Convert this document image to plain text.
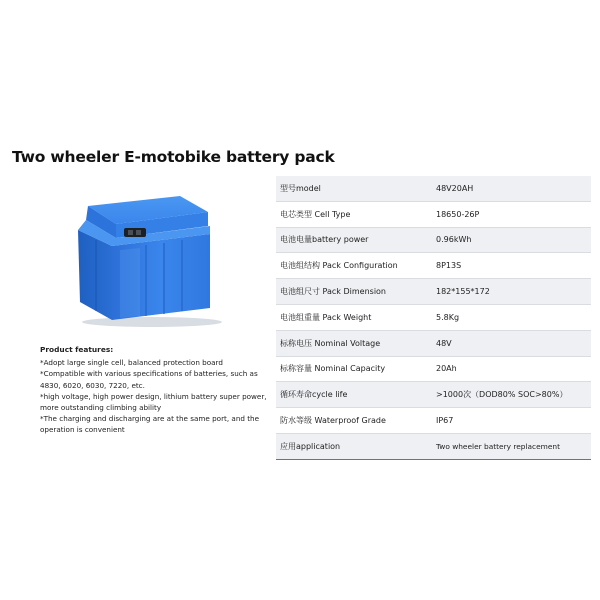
Two wheeler E-motobike battery pack
Product features:
*Adopt large single cell, balanced protection board
*Compatible with various specifications of batteries, such as 4830, 6020, 6030, 7220, etc.
*high voltage, high power design, lithium battery super power, more outstanding climbing ability
*The charging and discharging are at the same port, and the operation is convenient
型号model	48V20AH
电芯类型 Cell Type	18650-26P
电池电量battery power	0.96kWh
电池组结构 Pack Configuration	8P13S
电池组尺寸 Pack Dimension	182*155*172
电池组重量 Pack Weight	5.8Kg
标称电压 Nominal Voltage	48V
标称容量 Nominal Capacity	20Ah
循环寿命cycle life	>1000次（DOD80% SOC>80%）
防水等级 Waterproof Grade	IP67
应用application	Two wheeler battery replacement
